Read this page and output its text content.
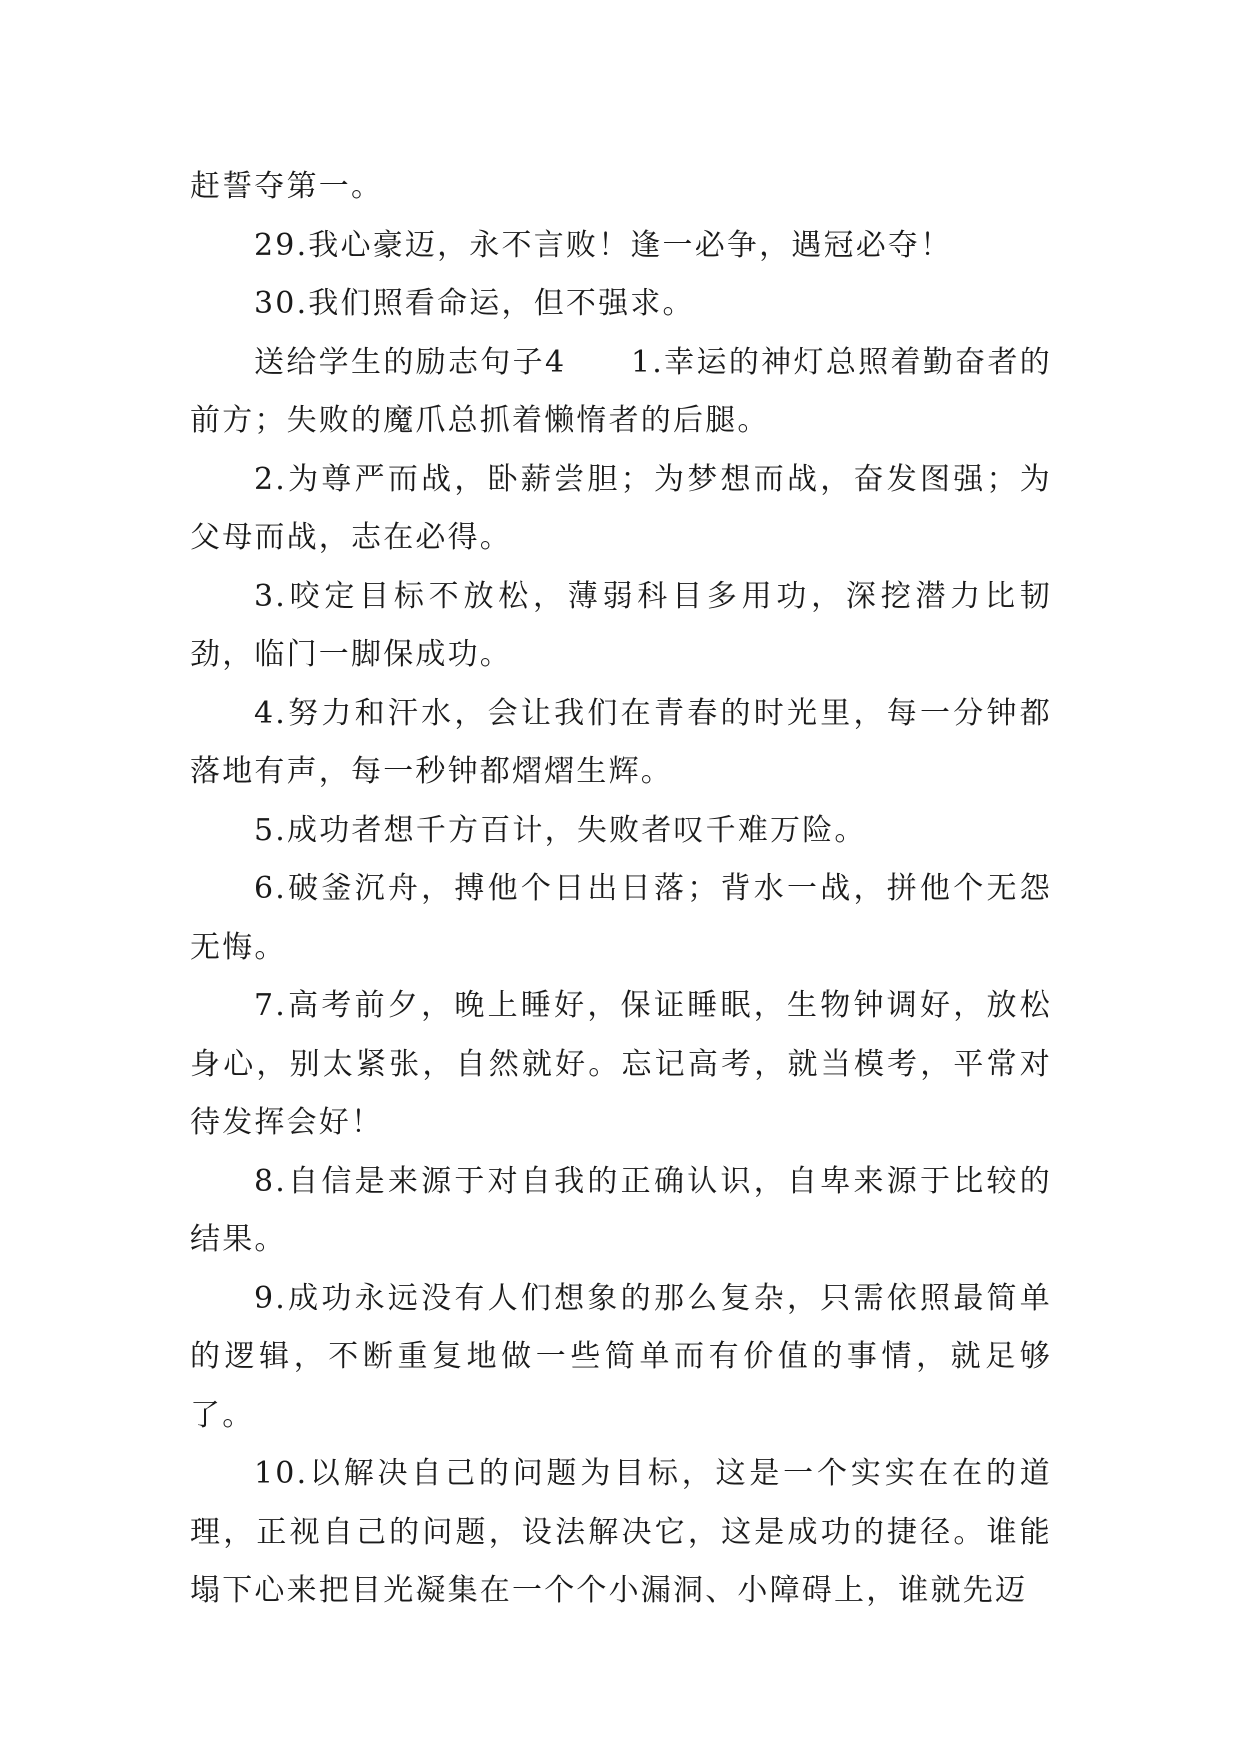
赶誓夺第一。

29.我心豪迈，永不言败！逢一必争，遇冠必夺！

30.我们照看命运，但不强求。

送给学生的励志句子4　　1.幸运的神灯总照着勤奋者的前方；失败的魔爪总抓着懒惰者的后腿。

2.为尊严而战，卧薪尝胆；为梦想而战，奋发图强；为父母而战，志在必得。

3.咬定目标不放松，薄弱科目多用功，深挖潜力比韧劲，临门一脚保成功。

4.努力和汗水，会让我们在青春的时光里，每一分钟都落地有声，每一秒钟都熠熠生辉。

5.成功者想千方百计，失败者叹千难万险。

6.破釜沉舟，搏他个日出日落；背水一战，拼他个无怨无悔。

7.高考前夕，晚上睡好，保证睡眠，生物钟调好，放松身心，别太紧张，自然就好。忘记高考，就当模考，平常对待发挥会好！

8.自信是来源于对自我的正确认识，自卑来源于比较的结果。

9.成功永远没有人们想象的那么复杂，只需依照最简单的逻辑，不断重复地做一些简单而有价值的事情，就足够了。

10.以解决自己的问题为目标，这是一个实实在在的道理，正视自己的问题，设法解决它，这是成功的捷径。谁能塌下心来把目光凝集在一个个小漏洞、小障碍上，谁就先迈
